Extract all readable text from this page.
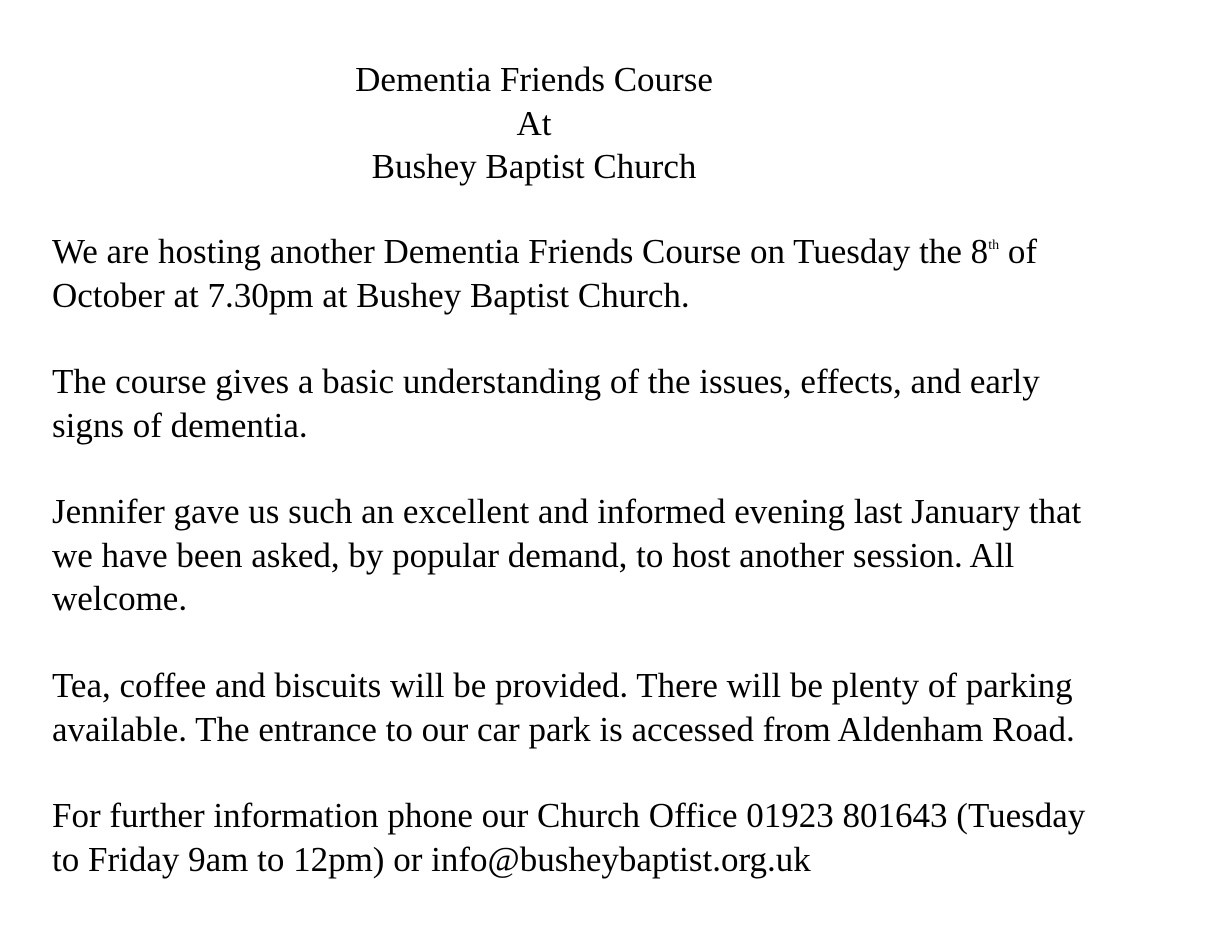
Dementia Friends Course
At
Bushey Baptist Church
We are hosting another Dementia Friends Course on Tuesday the 8th of
October at 7.30pm at Bushey Baptist Church.
The course gives a basic understanding of the issues, effects, and early
signs of dementia.
Jennifer gave us such an excellent and informed evening last January that
we have been asked, by popular demand, to host another session. All
welcome.
Tea, coffee and biscuits will be provided. There will be plenty of parking
available. The entrance to our car park is accessed from Aldenham Road.
For further information phone our Church Office 01923 801643 (Tuesday
to Friday 9am to 12pm) or info@busheybaptist.org.uk
